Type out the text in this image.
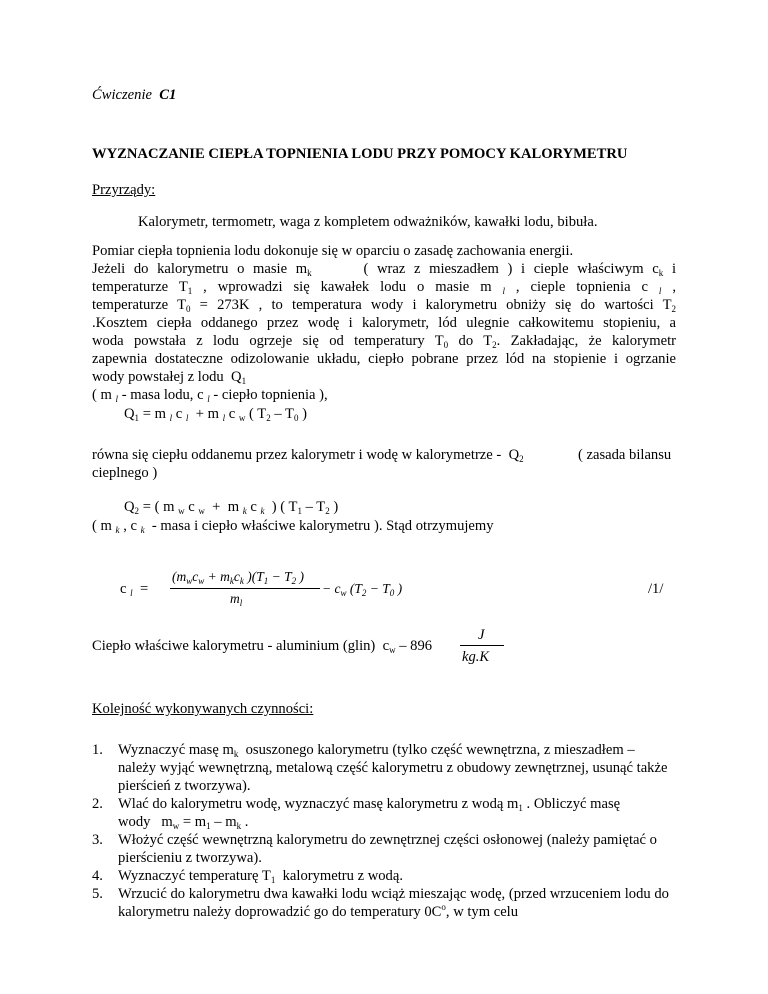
Ćwiczenie C1
WYZNACZANIE CIEPŁA TOPNIENIA LODU PRZY POMOCY KALORYMETRU
Przyrządy:
Kalorymetr, termometr, waga z kompletem odważników, kawałki lodu, bibuła.
Pomiar ciepła topnienia lodu dokonuje się w oparciu o zasadę zachowania energii.
Jeżeli do kalorymetru o masie $m_k$	( wraz z mieszadłem ) i cieple właściwym $c_k$ i
temperaturze $T_1$ , wprowadzi się kawałek lodu o masie m $_l$ , cieple topnienia c $_l$ ,
temperaturze $T_0 = 273K$ , to temperatura wody i kalorymetru obniży się do wartości $T_2$
.Kosztem ciepła oddanego przez wodę i kalorymetr, lód ulegnie całkowitemu stopieniu, a
woda powstała z lodu ogrzeje się od temperatury $T_0$ do $T_2$. Zakładając, że kalorymetr
zapewnia dostateczne odizolowanie układu, ciepło pobrane przez lód na stopienie i ogrzanie
wody powstałej z lodu $Q_1$
( m $_l$ - masa lodu, c $_l$ - ciepło topnienia ),
$Q_1 = m$ $_l$ c $_l$  + m $_l$ c $_w$ ( $T_2 - T_0$ )
równa się ciepłu oddanemu przez kalorymetr i wodę w kalorymetrze - $Q_2$	( zasada bilansu
cieplnego )
$Q_2$ = ( m $_w$ c $_w$  +  m $_k$ c $_k$  ) ( $T_1 - T_2$ )
( m $_k$ , c $_k$ - masa i ciepło właściwe kalorymetru ). Stąd otrzymujemy
c $_l$  =
($m_wc_w + m_kc_k$ )($T_1 - T_2$ )
$m_l$
− $c_w$ ($T_2 - T_0$ )	/1/
Ciepło właściwe kalorymetru - aluminium (glin) $c_w - 896$
J
kg.K
Kolejność wykonywanych czynności:
1. Wyznaczyć masę $m_k$ osuszonego kalorymetru (tylko część wewnętrzna, z mieszadłem – należy wyjąć wewnętrzną, metalową część kalorymetru z obudowy zewnętrznej, usunąć także pierścień z tworzywa).
2. Wlać do kalorymetru wodę, wyznaczyć masę kalorymetru z wodą $m_1$ . Obliczyć masę
wody $m_w = m_1 - m_k$ .
3. Włożyć część wewnętrzną kalorymetru do zewnętrznej części osłonowej (należy pamiętać o pierścieniu z tworzywa).
4. Wyznaczyć temperaturę $T_1$ kalorymetru z wodą.
5. Wrzucić do kalorymetru dwa kawałki lodu wciąż mieszając wodę, (przed wrzuceniem lodu do kalorymetru należy doprowadzić go do temperatury $0C^o$, w tym celu
